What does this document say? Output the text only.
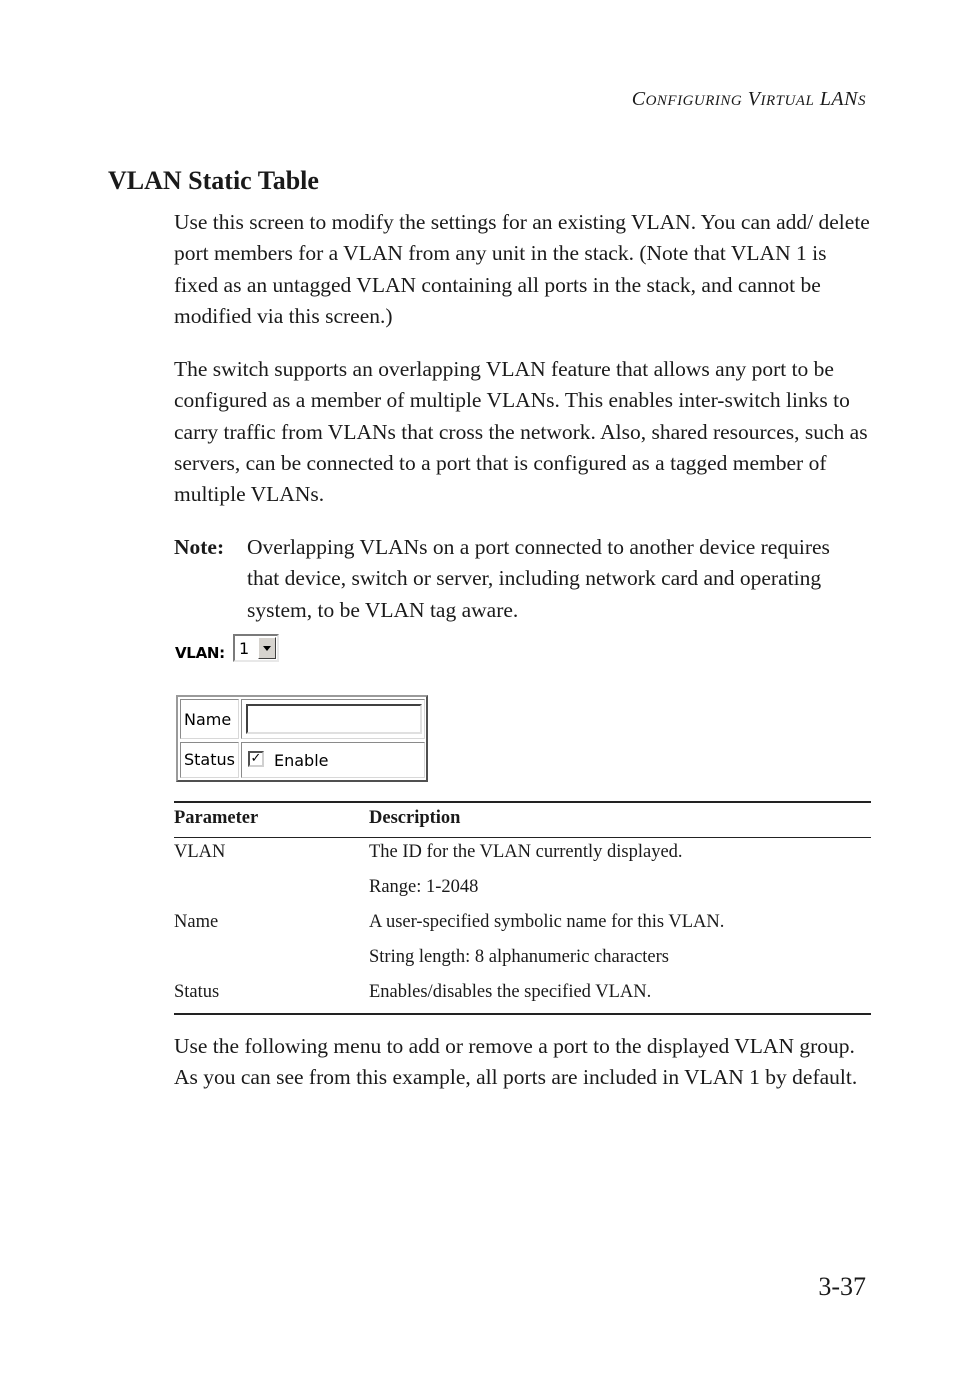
CONFIGURING VIRTUAL LANS
VLAN Static Table

Use this screen to modify the settings for an existing VLAN. You can add/ delete port members for a VLAN from any unit in the stack. (Note that VLAN 1 is fixed as an untagged VLAN containing all ports in the stack, and cannot be modified via this screen.)

The switch supports an overlapping VLAN feature that allows any port to be configured as a member of multiple VLANs. This enables inter-switch links to carry traffic from VLANs that cross the network. Also, shared resources, such as servers, can be connected to a port that is configured as a tagged member of multiple VLANs.

Note: Overlapping VLANs on a port connected to another device requires that device, switch or server, including network card and operating system, to be VLAN tag aware.
VLAN: 1
Name
Status ✓ Enable
Parameter	Description
VLAN	The ID for the VLAN currently displayed.
Range: 1-2048
Name	A user-specified symbolic name for this VLAN.
String length: 8 alphanumeric characters
Status	Enables/disables the specified VLAN.

Use the following menu to add or remove a port to the displayed VLAN group. As you can see from this example, all ports are included in VLAN 1 by default.

3-37
